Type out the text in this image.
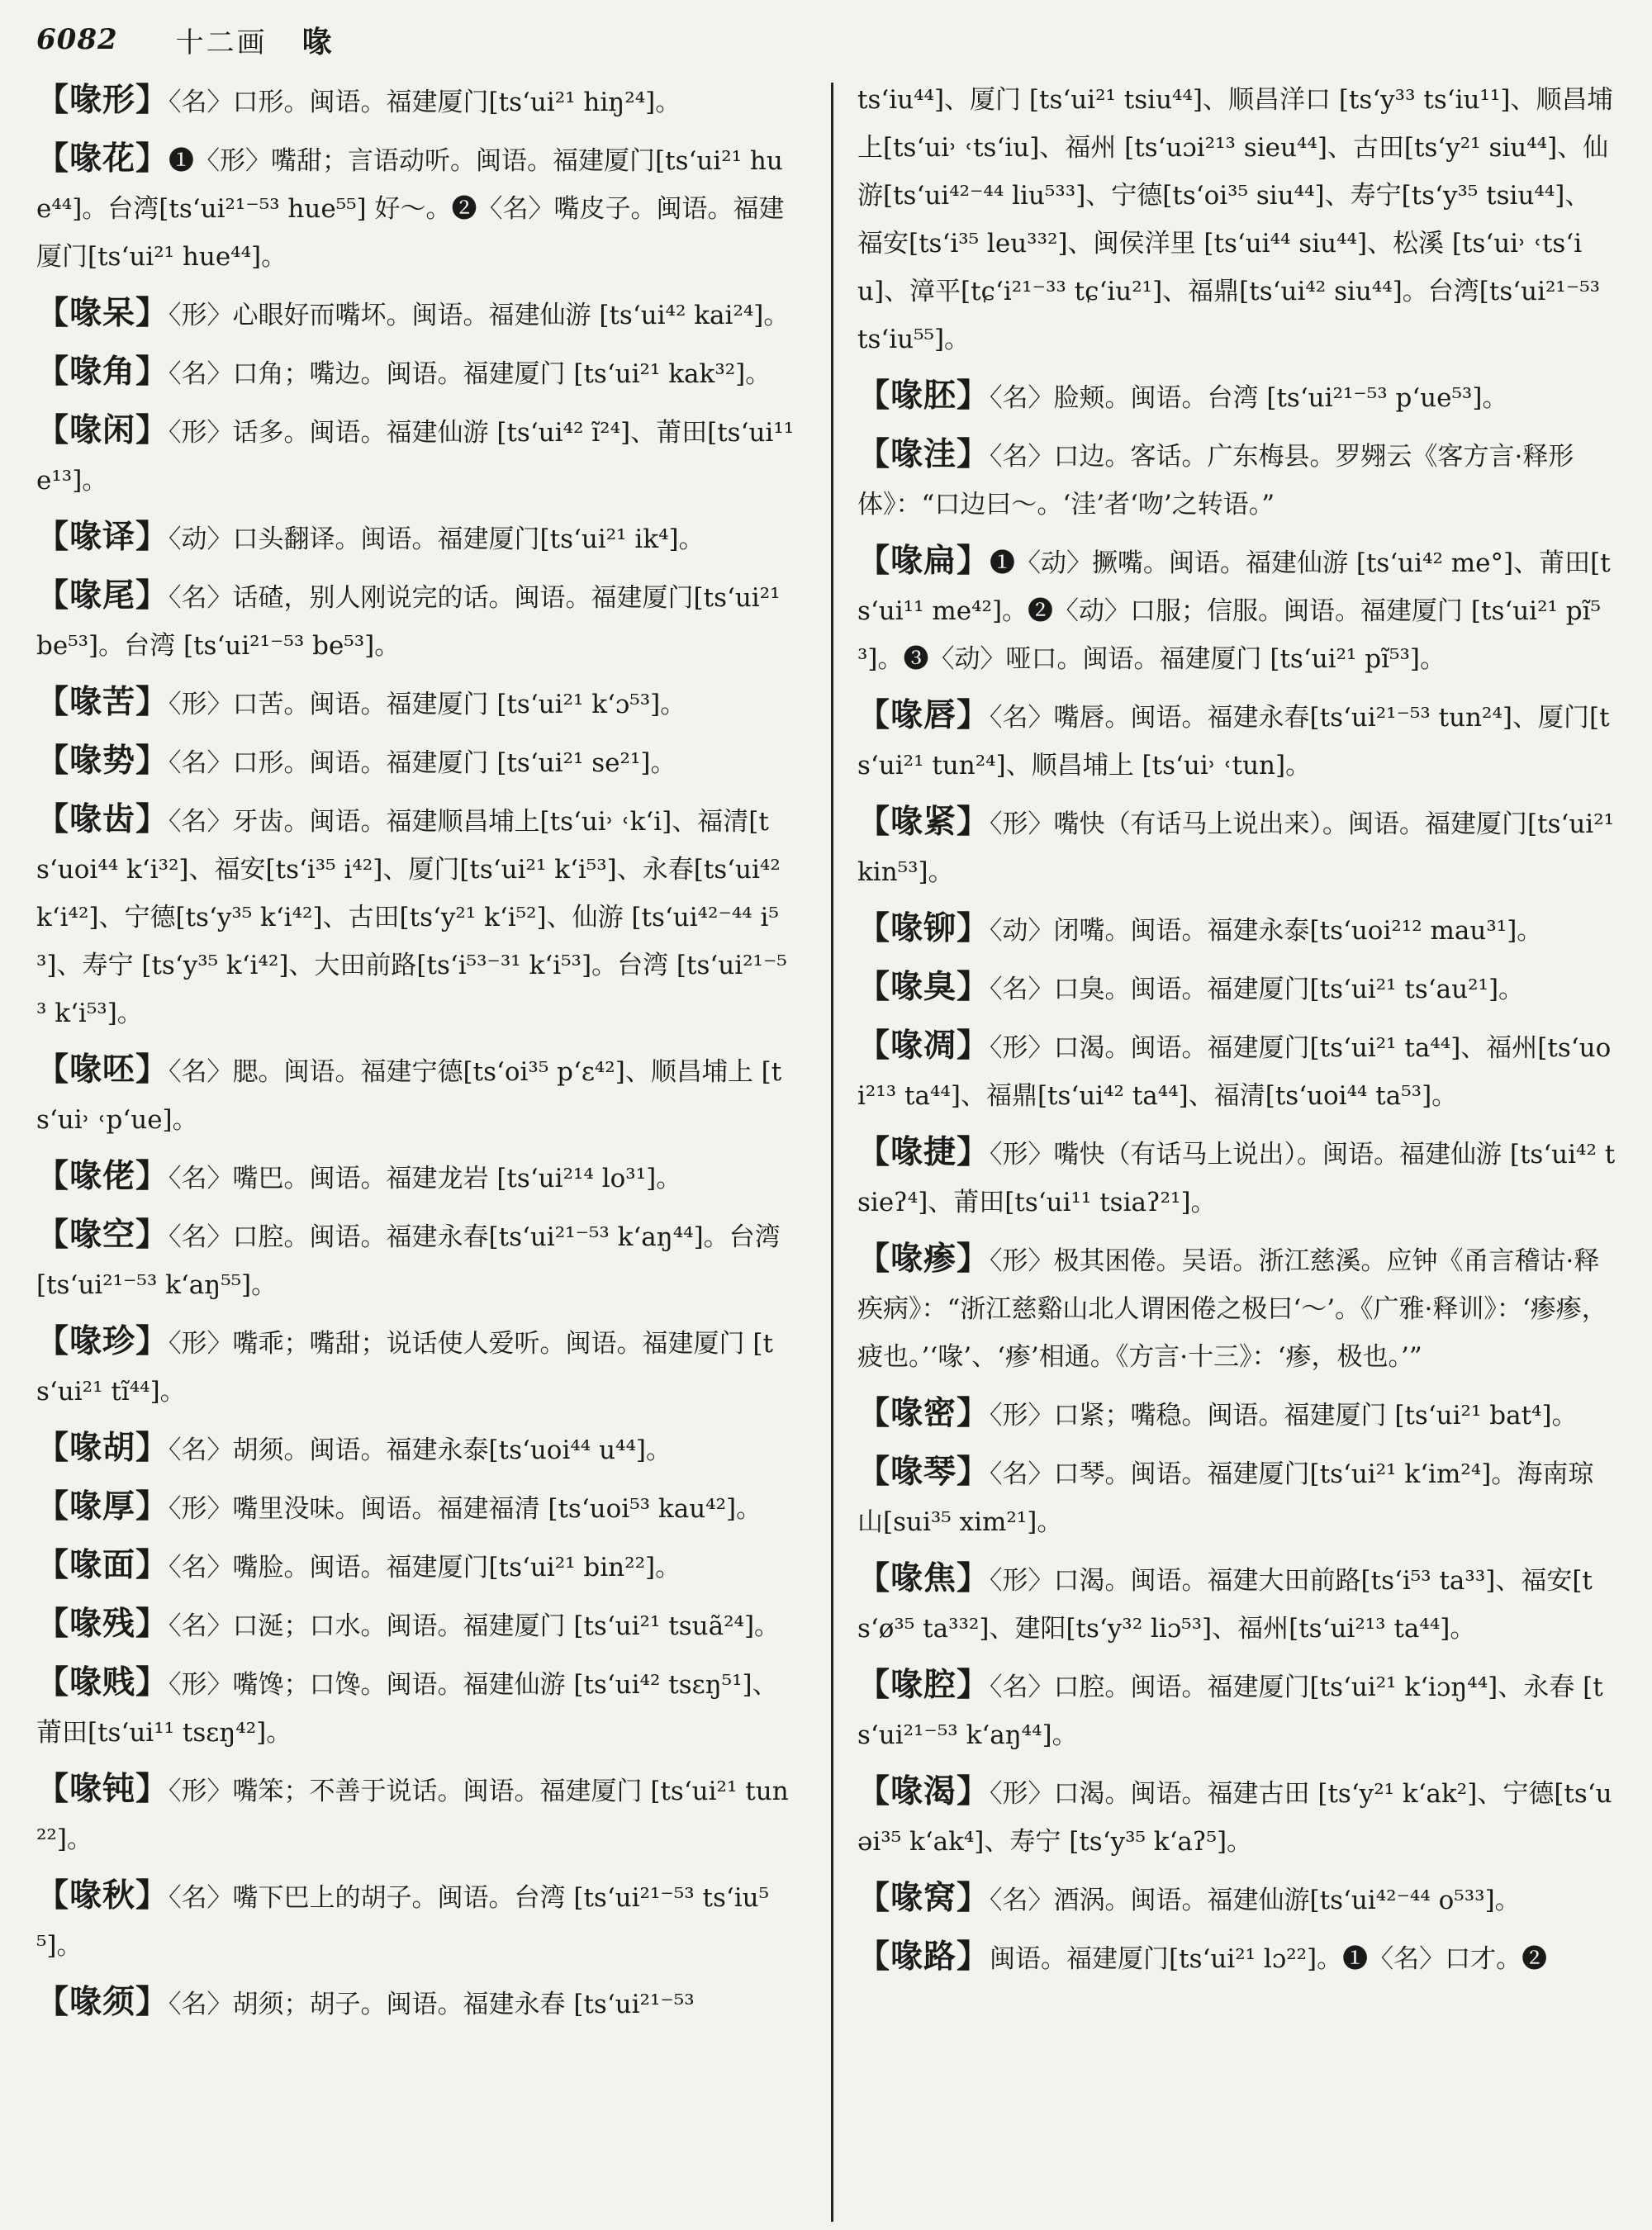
6082 十二画 喙
【喙形】〈名〉口形。闽语。福建厦门[ts‘ui²¹ hiŋ²⁴]。
【喙花】❶〈形〉嘴甜；言语动听。闽语。福建厦门[ts‘ui²¹ hue⁴⁴]。台湾[ts‘ui²¹⁻⁵³ hue⁵⁵] 好～。❷〈名〉嘴皮子。闽语。福建厦门[ts‘ui²¹ hue⁴⁴]。
【喙呆】〈形〉心眼好而嘴坏。闽语。福建仙游 [ts‘ui⁴² kai²⁴]。
【喙角】〈名〉口角；嘴边。闽语。福建厦门 [ts‘ui²¹ kak³²]。
【喙闲】〈形〉话多。闽语。福建仙游 [ts‘ui⁴² ĩ²⁴]、莆田[ts‘ui¹¹ e¹³]。
【喙译】〈动〉口头翻译。闽语。福建厦门[ts‘ui²¹ ik⁴]。
【喙尾】〈名〉话碴，别人刚说完的话。闽语。福建厦门[ts‘ui²¹ be⁵³]。台湾 [ts‘ui²¹⁻⁵³ be⁵³]。
【喙苦】〈形〉口苦。闽语。福建厦门 [ts‘ui²¹ k‘ɔ⁵³]。
【喙势】〈名〉口形。闽语。福建厦门 [ts‘ui²¹ se²¹]。
【喙齿】〈名〉牙齿。闽语。福建顺昌埔上[ts‘ui˒ ˓k‘i]、福清[ts‘uoi⁴⁴ k‘i³²]、福安[ts‘i³⁵ i⁴²]、厦门[ts‘ui²¹ k‘i⁵³]、永春[ts‘ui⁴² k‘i⁴²]、宁德[ts‘y³⁵ k‘i⁴²]、古田[ts‘y²¹ k‘i⁵²]、仙游 [ts‘ui⁴²⁻⁴⁴ i⁵³]、寿宁 [ts‘y³⁵ k‘i⁴²]、大田前路[ts‘i⁵³⁻³¹ k‘i⁵³]。台湾 [ts‘ui²¹⁻⁵³ k‘i⁵³]。
【喙呸】〈名〉腮。闽语。福建宁德[ts‘oi³⁵ p‘ɛ⁴²]、顺昌埔上 [ts‘ui˒ ˓p‘ue]。
【喙佬】〈名〉嘴巴。闽语。福建龙岩 [ts‘ui²¹⁴ lo³¹]。
【喙空】〈名〉口腔。闽语。福建永春[ts‘ui²¹⁻⁵³ k‘aŋ⁴⁴]。台湾[ts‘ui²¹⁻⁵³ k‘aŋ⁵⁵]。
【喙珍】〈形〉嘴乖；嘴甜；说话使人爱听。闽语。福建厦门 [ts‘ui²¹ tĩ⁴⁴]。
【喙胡】〈名〉胡须。闽语。福建永泰[ts‘uoi⁴⁴ u⁴⁴]。
【喙厚】〈形〉嘴里没味。闽语。福建福清 [ts‘uoi⁵³ kau⁴²]。
【喙面】〈名〉嘴脸。闽语。福建厦门[ts‘ui²¹ bin²²]。
【喙残】〈名〉口涎；口水。闽语。福建厦门 [ts‘ui²¹ tsuã²⁴]。
【喙贱】〈形〉嘴馋；口馋。闽语。福建仙游 [ts‘ui⁴² tsɛŋ⁵¹]、莆田[ts‘ui¹¹ tsɛŋ⁴²]。
【喙钝】〈形〉嘴笨；不善于说话。闽语。福建厦门 [ts‘ui²¹ tun²²]。
【喙秋】〈名〉嘴下巴上的胡子。闽语。台湾 [ts‘ui²¹⁻⁵³ ts‘iu⁵⁵]。
【喙须】〈名〉胡须；胡子。闽语。福建永春 [ts‘ui²¹⁻⁵³
ts‘iu⁴⁴]、厦门 [ts‘ui²¹ tsiu⁴⁴]、顺昌洋口 [ts‘y³³ ts‘iu¹¹]、顺昌埔上[ts‘ui˒ ˓ts‘iu]、福州 [ts‘uɔi²¹³ sieu⁴⁴]、古田[ts‘y²¹ siu⁴⁴]、仙游[ts‘ui⁴²⁻⁴⁴ liu⁵³³]、宁德[ts‘oi³⁵ siu⁴⁴]、寿宁[ts‘y³⁵ tsiu⁴⁴]、福安[ts‘i³⁵ leu³³²]、闽侯洋里 [ts‘ui⁴⁴ siu⁴⁴]、松溪 [ts‘ui˒ ˓ts‘iu]、漳平[tɕ‘i²¹⁻³³ tɕ‘iu²¹]、福鼎[ts‘ui⁴² siu⁴⁴]。台湾[ts‘ui²¹⁻⁵³ ts‘iu⁵⁵]。
【喙胚】〈名〉脸颊。闽语。台湾 [ts‘ui²¹⁻⁵³ p‘ue⁵³]。
【喙洼】〈名〉口边。客话。广东梅县。罗翙云《客方言·释形体》：“口边曰～。‘洼’者‘吻’之转语。”
【喙扁】❶〈动〉撅嘴。闽语。福建仙游 [ts‘ui⁴² me°]、莆田[ts‘ui¹¹ me⁴²]。❷〈动〉口服；信服。闽语。福建厦门 [ts‘ui²¹ pĩ⁵³]。❸〈动〉哑口。闽语。福建厦门 [ts‘ui²¹ pĩ⁵³]。
【喙唇】〈名〉嘴唇。闽语。福建永春[ts‘ui²¹⁻⁵³ tun²⁴]、厦门[ts‘ui²¹ tun²⁴]、顺昌埔上 [ts‘ui˒ ˓tun]。
【喙紧】〈形〉嘴快（有话马上说出来）。闽语。福建厦门[ts‘ui²¹ kin⁵³]。
【喙铆】〈动〉闭嘴。闽语。福建永泰[ts‘uoi²¹² mau³¹]。
【喙臭】〈名〉口臭。闽语。福建厦门[ts‘ui²¹ ts‘au²¹]。
【喙凋】〈形〉口渴。闽语。福建厦门[ts‘ui²¹ ta⁴⁴]、福州[ts‘uoi²¹³ ta⁴⁴]、福鼎[ts‘ui⁴² ta⁴⁴]、福清[ts‘uoi⁴⁴ ta⁵³]。
【喙捷】〈形〉嘴快（有话马上说出）。闽语。福建仙游 [ts‘ui⁴² tsieʔ⁴]、莆田[ts‘ui¹¹ tsiaʔ²¹]。
【喙瘆】〈形〉极其困倦。吴语。浙江慈溪。应钟《甬言稽诂·释疾病》：“浙江慈谿山北人谓困倦之极曰‘～’。《广雅·释训》：‘瘆瘆，疲也。’‘喙’、‘瘆’相通。《方言·十三》：‘瘆，极也。’”
【喙密】〈形〉口紧；嘴稳。闽语。福建厦门 [ts‘ui²¹ bat⁴]。
【喙琴】〈名〉口琴。闽语。福建厦门[ts‘ui²¹ k‘im²⁴]。海南琼山[sui³⁵ xim²¹]。
【喙焦】〈形〉口渴。闽语。福建大田前路[ts‘i⁵³ ta³³]、福安[ts‘ø³⁵ ta³³²]、建阳[ts‘y³² liɔ⁵³]、福州[ts‘ui²¹³ ta⁴⁴]。
【喙腔】〈名〉口腔。闽语。福建厦门[ts‘ui²¹ k‘iɔŋ⁴⁴]、永春 [ts‘ui²¹⁻⁵³ k‘aŋ⁴⁴]。
【喙渴】〈形〉口渴。闽语。福建古田 [ts‘y²¹ k‘ak²]、宁德[ts‘uəi³⁵ k‘ak⁴]、寿宁 [ts‘y³⁵ k‘aʔ⁵]。
【喙窝】〈名〉酒涡。闽语。福建仙游[ts‘ui⁴²⁻⁴⁴ o⁵³³]。
【喙路】闽语。福建厦门[ts‘ui²¹ lɔ²²]。❶〈名〉口才。❷
